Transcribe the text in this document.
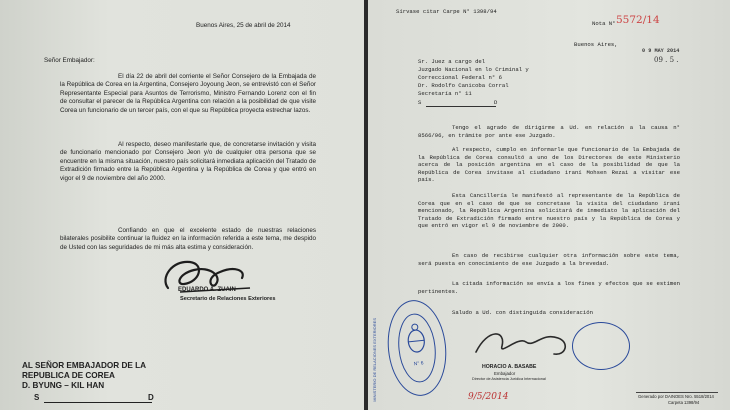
Buenos Aires, 25 de abril de 2014
Señor Embajador:
El día 22 de abril del corriente el Señor Consejero de la Embajada de la República de Corea en la Argentina, Consejero Joyoung Jeon, se entrevistó con el Señor Representante Especial para Asuntos de Terrorismo, Ministro Fernando Lorenz con el fin de consultar el parecer de la República Argentina con relación a la posibilidad de que visite Corea un funcionario de un tercer país, con el que su República proyecta estrechar lazos.
Al respecto, deseo manifestarle que, de concretarse invitación y visita de funcionario mencionado por Consejero Jeon y/o de cualquier otra persona que se encuentre en la misma situación, nuestro país solicitará inmediata aplicación del Tratado de Extradición firmado entre la República Argentina y la República de Corea y que entró en vigor el 9 de noviembre del año 2000.
Confiando en que el excelente estado de nuestras relaciones bilaterales posibilite continuar la fluidez en la información referida a este tema, me despido de Usted con las seguridades de mi más alta estima y consideración.
EDUARDO A. ZUAIN
Secretario de Relaciones Exteriores
AL SEÑOR EMBAJADOR DE LA
REPUBLICA DE COREA
D. BYUNG – KIL HAN
S	D
Sírvase citar Carpe N° 1398/94
Nota N° 5572/14
Buenos Aires,
0 9 MAY 2014
09 . 5 .
Sr. Juez a cargo del
Juzgado Nacional en lo Criminal y
Correccional Federal n° 6
Dr. Rodolfo Canicoba Corral
Secretaría n° 11
S	D
Tengo el agrado de dirigirme a Ud. en relación a la causa n° 8566/96, en trámite por ante ese Juzgado.
Al respecto, cumplo en informarle que funcionario de la Embajada de la República de Corea consultó a uno de los Directores de este Ministerio acerca de la posición argentina en el caso de la posibilidad de que la República de Corea invitase al ciudadano iraní Mohsen Rezai a visitar ese país.
Esta Cancillería le manifestó al representante de la República de Corea que en el caso de que se concretase la visita del ciudadano iraní mencionado, la República Argentina solicitará de inmediato la aplicación del Tratado de Extradición firmado entre nuestro país y la República de Corea y que entró en vigor el 9 de noviembre de 2000.
En caso de recibirse cualquier otra información sobre este tema, será puesta en conocimiento de ese Juzgado a la brevedad.
La citada información se envía a los fines y efectos que se estimen pertinentes.
Saludo a Ud. con distinguida consideración
N° 6
MINISTERIO DE RELACIONES EXTERIORES	HORACIO A. BASABE
Embajador
Director de Asistencia Jurídica Internacional
9/5/2014	Generado por DAINOES Nro. 5518/2014
Carpeta 1398/94
